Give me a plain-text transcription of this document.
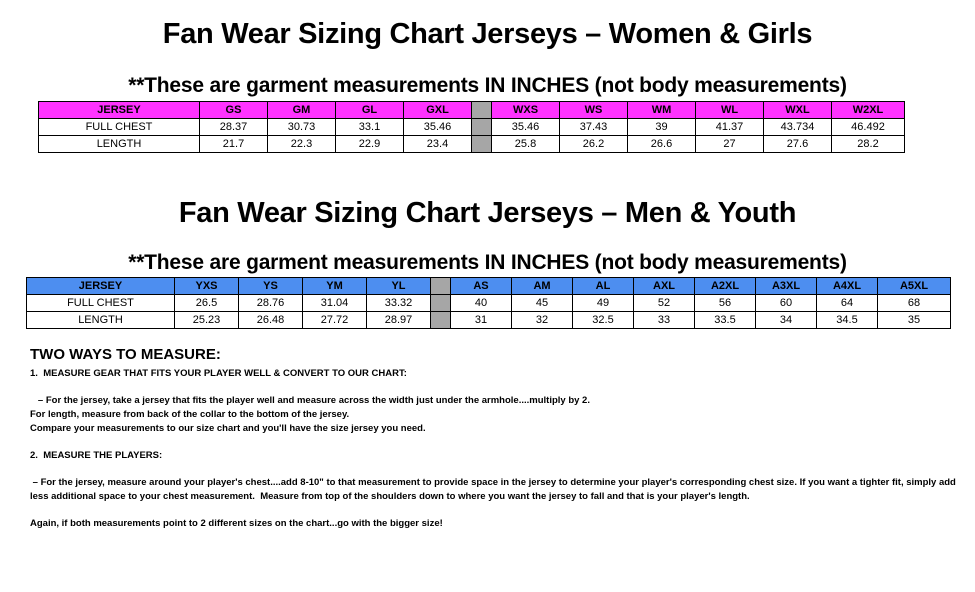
Fan Wear Sizing Chart Jerseys – Women & Girls
**These are garment measurements IN INCHES (not body measurements)
JERSEY	GS	GM	GL	GXL		WXS	WS	WM	WL	WXL	W2XL
FULL CHEST	28.37	30.73	33.1	35.46		35.46	37.43	39	41.37	43.734	46.492
LENGTH	21.7	22.3	22.9	23.4		25.8	26.2	26.6	27	27.6	28.2
Fan Wear Sizing Chart Jerseys – Men & Youth
**These are garment measurements IN INCHES (not body measurements)
JERSEY	YXS	YS	YM	YL		AS	AM	AL	AXL	A2XL	A3XL	A4XL	A5XL
FULL CHEST	26.5	28.76	31.04	33.32		40	45	49	52	56	60	64	68
LENGTH	25.23	26.48	27.72	28.97		31	32	32.5	33	33.5	34	34.5	35

TWO WAYS TO MEASURE:

1.  MEASURE GEAR THAT FITS YOUR PLAYER WELL & CONVERT TO OUR CHART:

– For the jersey, take a jersey that fits the player well and measure across the width just under the armhole....multiply by 2.

For length, measure from back of the collar to the bottom of the jersey.

Compare your measurements to our size chart and you'll have the size jersey you need.

2.  MEASURE THE PLAYERS:

– For the jersey, measure around your player's chest....add 8-10" to that measurement to provide space in the jersey to determine your player's corresponding chest size. If you want a tighter fit, simply add less additional space to your chest measurement.  Measure from top of the shoulders down to where you want the jersey to fall and that is your player's length.

Again, if both measurements point to 2 different sizes on the chart...go with the bigger size!
